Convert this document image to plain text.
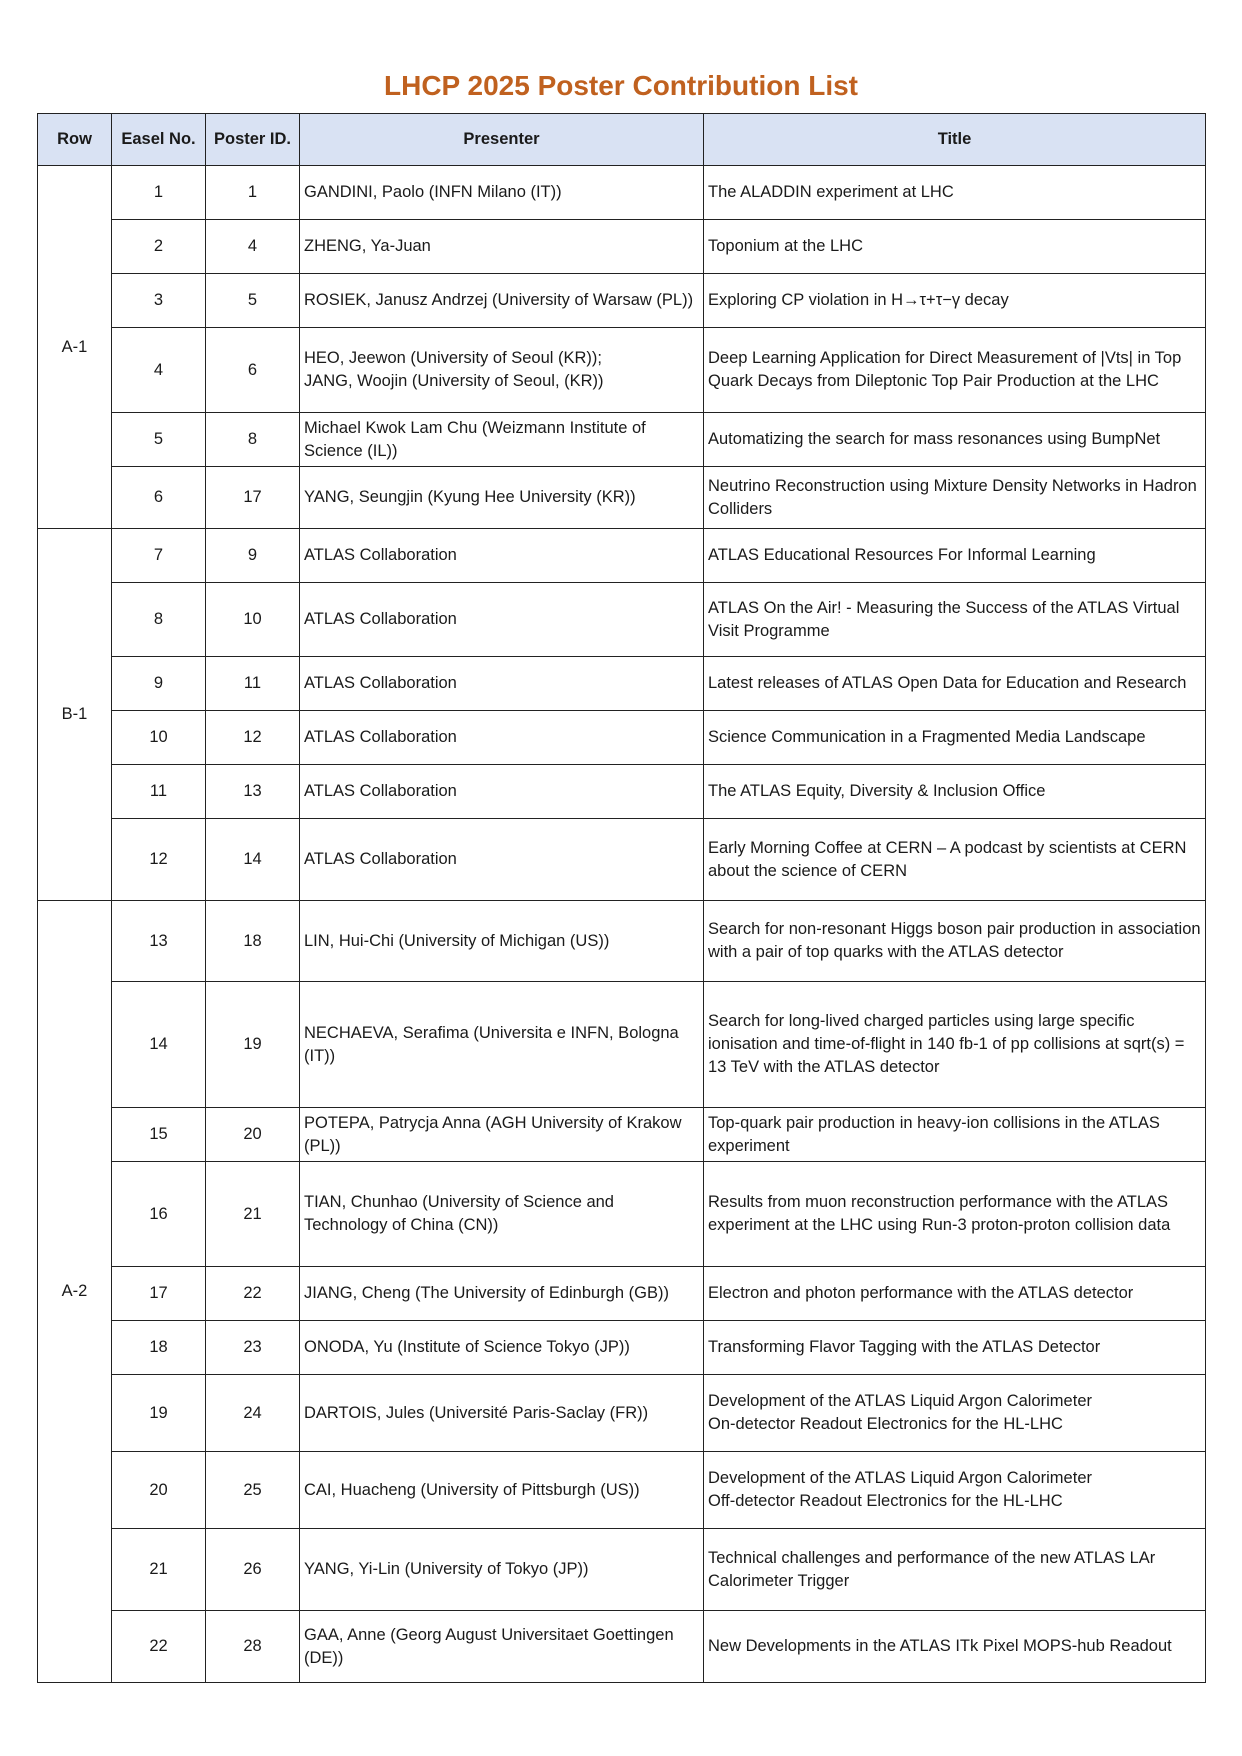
LHCP 2025 Poster Contribution List
Row	Easel No.	Poster ID.	Presenter	Title
A-1	1	1	GANDINI, Paolo (INFN Milano (IT))	The ALADDIN experiment at LHC
	2	4	ZHENG, Ya-Juan	Toponium at the LHC
	3	5	ROSIEK, Janusz Andrzej (University of Warsaw (PL))	Exploring CP violation in H→τ+τ−γ decay
	4	6	HEO, Jeewon (University of Seoul (KR));
JANG, Woojin (University of Seoul, (KR))	Deep Learning Application for Direct Measurement of |Vts| in Top Quark Decays from Dileptonic Top Pair Production at the LHC
	5	8	Michael Kwok Lam Chu (Weizmann Institute of Science (IL))	Automatizing the search for mass resonances using BumpNet
	6	17	YANG, Seungjin (Kyung Hee University (KR))	Neutrino Reconstruction using Mixture Density Networks in Hadron Colliders
B-1	7	9	ATLAS Collaboration	ATLAS Educational Resources For Informal Learning
	8	10	ATLAS Collaboration	ATLAS On the Air! - Measuring the Success of the ATLAS Virtual Visit Programme
	9	11	ATLAS Collaboration	Latest releases of ATLAS Open Data for Education and Research
	10	12	ATLAS Collaboration	Science Communication in a Fragmented Media Landscape
	11	13	ATLAS Collaboration	The ATLAS Equity, Diversity & Inclusion Office
	12	14	ATLAS Collaboration	Early Morning Coffee at CERN – A podcast by scientists at CERN about the science of CERN
A-2	13	18	LIN, Hui-Chi (University of Michigan (US))	Search for non-resonant Higgs boson pair production in association with a pair of top quarks with the ATLAS detector
	14	19	NECHAEVA, Serafima (Universita e INFN, Bologna (IT))	Search for long-lived charged particles using large specific ionisation and time-of-flight in 140 fb-1 of pp collisions at sqrt(s) = 13 TeV with the ATLAS detector
	15	20	POTEPA, Patrycja Anna (AGH University of Krakow (PL))	Top-quark pair production in heavy-ion collisions in the ATLAS experiment
	16	21	TIAN, Chunhao (University of Science and Technology of China (CN))	Results from muon reconstruction performance with the ATLAS experiment at the LHC using Run-3 proton-proton collision data
	17	22	JIANG, Cheng (The University of Edinburgh (GB))	Electron and photon performance with the ATLAS detector
	18	23	ONODA, Yu (Institute of Science Tokyo (JP))	Transforming Flavor Tagging with the ATLAS Detector
	19	24	DARTOIS, Jules (Université Paris-Saclay (FR))	Development of the ATLAS Liquid Argon Calorimeter
On-detector Readout Electronics for the HL-LHC
	20	25	CAI, Huacheng (University of Pittsburgh (US))	Development of the ATLAS Liquid Argon Calorimeter
Off-detector Readout Electronics for the HL-LHC
	21	26	YANG, Yi-Lin (University of Tokyo (JP))	Technical challenges and performance of the new ATLAS LAr Calorimeter Trigger
	22	28	GAA, Anne (Georg August Universitaet Goettingen (DE))	New Developments in the ATLAS ITk Pixel MOPS-hub Readout
